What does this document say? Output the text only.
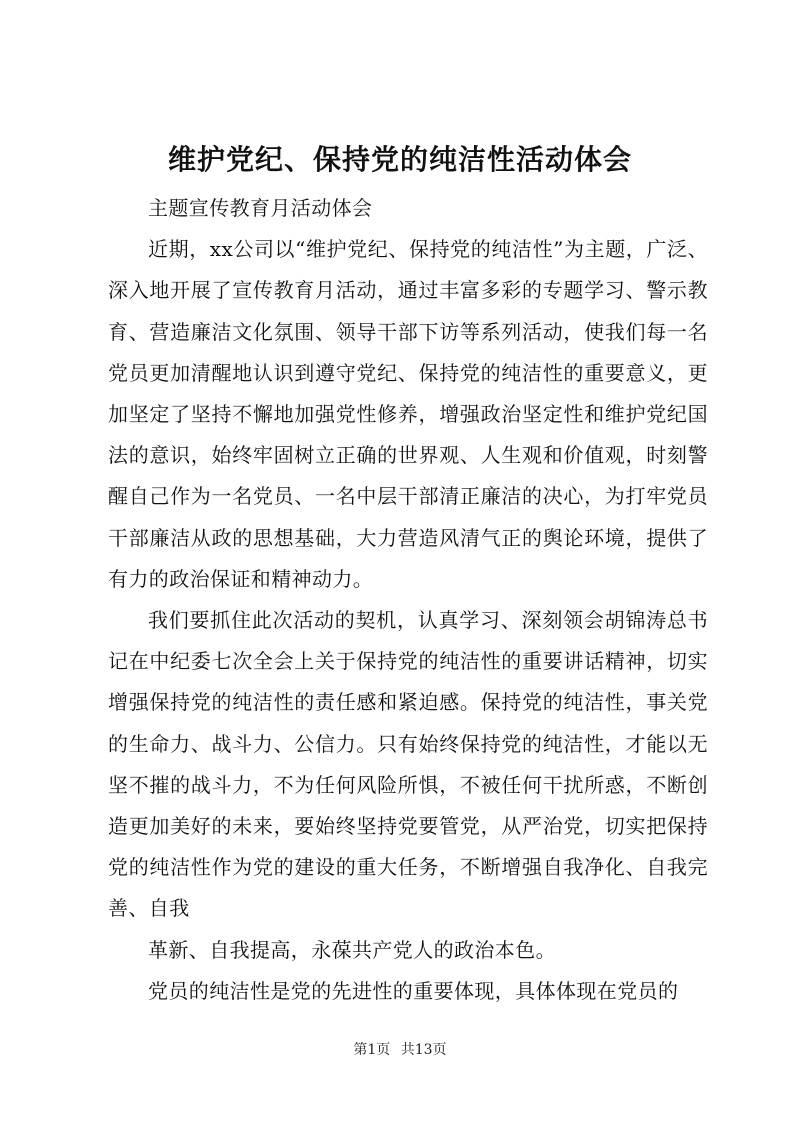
维护党纪、保持党的纯洁性活动体会

主题宣传教育月活动体会

近期，xx公司以“维护党纪、保持党的纯洁性”为主题，广泛、深入地开展了宣传教育月活动，通过丰富多彩的专题学习、警示教育、营造廉洁文化氛围、领导干部下访等系列活动，使我们每一名党员更加清醒地认识到遵守党纪、保持党的纯洁性的重要意义，更加坚定了坚持不懈地加强党性修养，增强政治坚定性和维护党纪国法的意识，始终牢固树立正确的世界观、人生观和价值观，时刻警醒自己作为一名党员、一名中层干部清正廉洁的决心，为打牢党员干部廉洁从政的思想基础，大力营造风清气正的舆论环境，提供了有力的政治保证和精神动力。

我们要抓住此次活动的契机，认真学习、深刻领会胡锦涛总书记在中纪委七次全会上关于保持党的纯洁性的重要讲话精神，切实增强保持党的纯洁性的责任感和紧迫感。保持党的纯洁性，事关党的生命力、战斗力、公信力。只有始终保持党的纯洁性，才能以无坚不摧的战斗力，不为任何风险所惧，不被任何干扰所惑，不断创造更加美好的未来，要始终坚持党要管党，从严治党，切实把保持党的纯洁性作为党的建设的重大任务，不断增强自我净化、自我完善、自我

革新、自我提高，永葆共产党人的政治本色。

党员的纯洁性是党的先进性的重要体现，具体体现在党员的

第1页 共13页
